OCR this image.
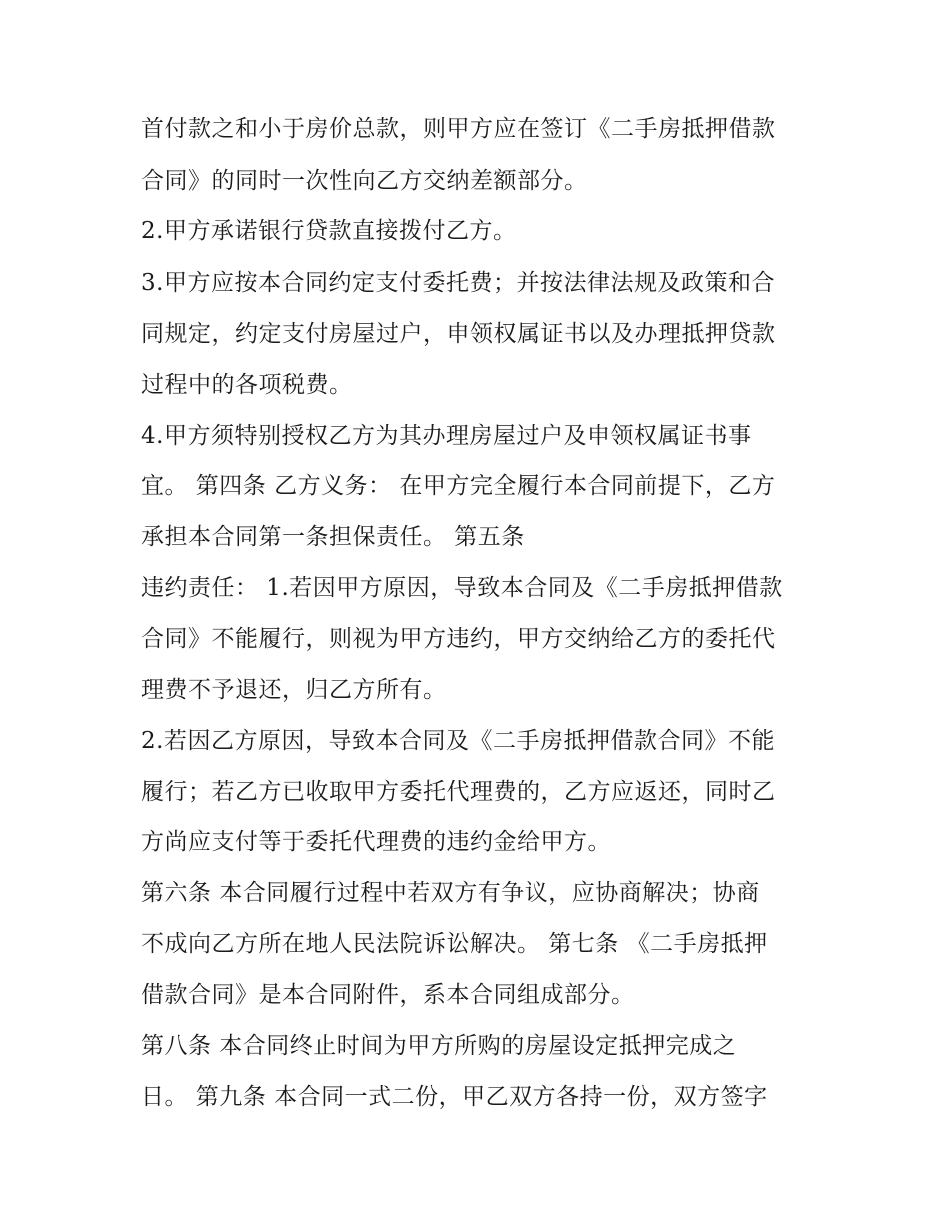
首付款之和小于房价总款，则甲方应在签订《二手房抵押借款
合同》的同时一次性向乙方交纳差额部分。
2.甲方承诺银行贷款直接拨付乙方。
3.甲方应按本合同约定支付委托费；并按法律法规及政策和合
同规定，约定支付房屋过户，申领权属证书以及办理抵押贷款
过程中的各项税费。
4.甲方须特别授权乙方为其办理房屋过户及申领权属证书事
宜。 第四条 乙方义务： 在甲方完全履行本合同前提下，乙方
承担本合同第一条担保责任。 第五条
违约责任： 1.若因甲方原因，导致本合同及《二手房抵押借款
合同》不能履行，则视为甲方违约，甲方交纳给乙方的委托代
理费不予退还，归乙方所有。
2.若因乙方原因，导致本合同及《二手房抵押借款合同》不能
履行；若乙方已收取甲方委托代理费的，乙方应返还，同时乙
方尚应支付等于委托代理费的违约金给甲方。
第六条 本合同履行过程中若双方有争议，应协商解决；协商
不成向乙方所在地人民法院诉讼解决。 第七条 《二手房抵押
借款合同》是本合同附件，系本合同组成部分。
第八条 本合同终止时间为甲方所购的房屋设定抵押完成之
日。 第九条 本合同一式二份，甲乙双方各持一份，双方签字
